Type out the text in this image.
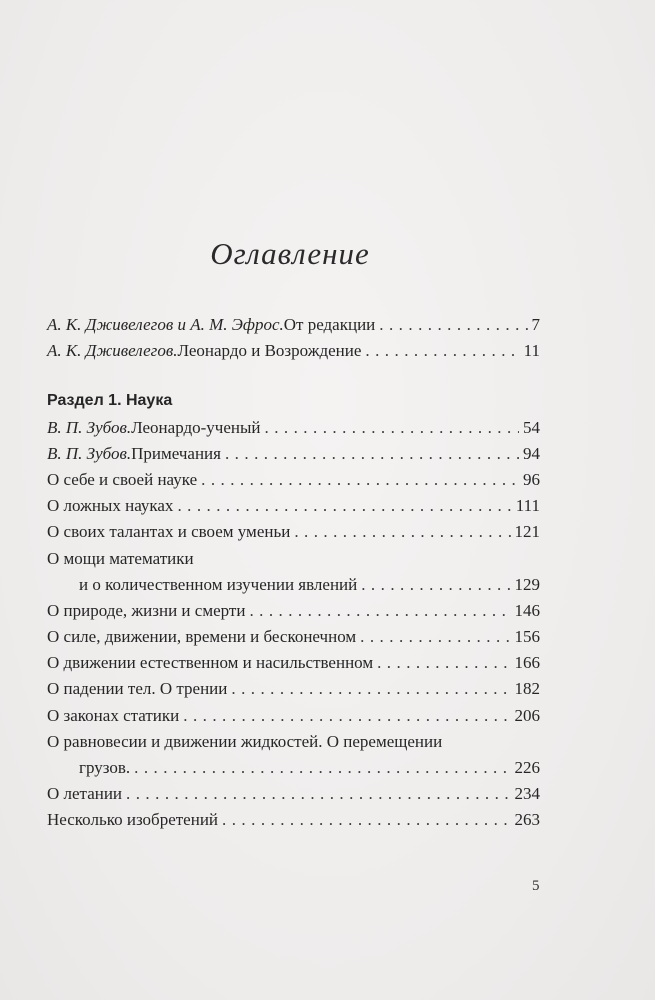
Оглавление
А. К. Дживелегов и А. М. Эфрос. От редакции . . .	7
А. К. Дживелегов. Леонардо и Возрождение . . .	11
Раздел 1. Наука
В. П. Зубов. Леонардо-ученый . . .	54
В. П. Зубов. Примечания . . .	94
О себе и своей науке . . .	96
О ложных науках . . .	111
О своих талантах и своем уменьи . . .	121
О мощи математики
и о количественном изучении явлений . . .	129
О природе, жизни и смерти . . .	146
О силе, движении, времени и бесконечном . . .	156
О движении естественном и насильственном . . .	166
О падении тел. О трении . . .	182
О законах статики . . .	206
О равновесии и движении жидкостей. О перемещении
грузов. . . .	226
О летании . . .	234
Несколько изобретений . . .	263
5
